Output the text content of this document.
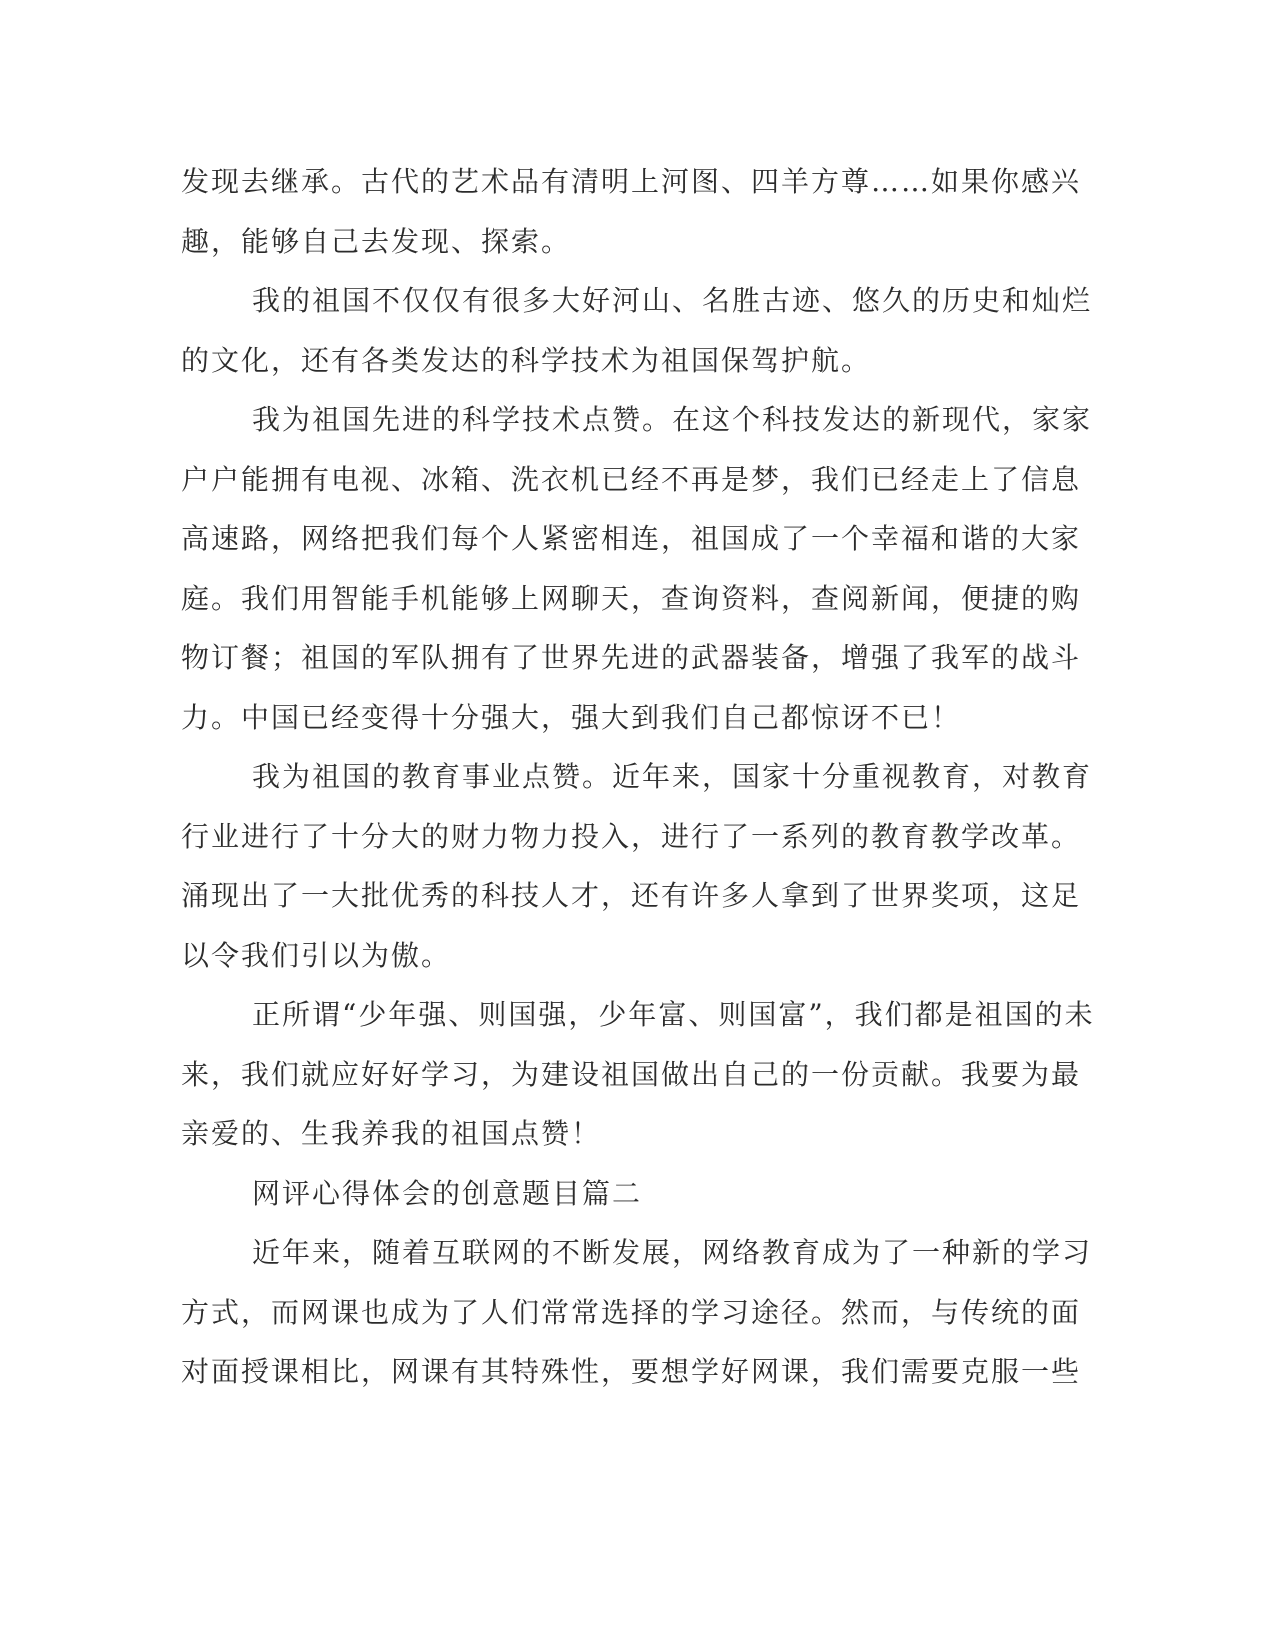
发现去继承。古代的艺术品有清明上河图、四羊方尊……如果你感兴
趣，能够自己去发现、探索。
我的祖国不仅仅有很多大好河山、名胜古迹、悠久的历史和灿烂
的文化，还有各类发达的科学技术为祖国保驾护航。
我为祖国先进的科学技术点赞。在这个科技发达的新现代，家家
户户能拥有电视、冰箱、洗衣机已经不再是梦，我们已经走上了信息
高速路，网络把我们每个人紧密相连，祖国成了一个幸福和谐的大家
庭。我们用智能手机能够上网聊天，查询资料，查阅新闻，便捷的购
物订餐；祖国的军队拥有了世界先进的武器装备，增强了我军的战斗
力。中国已经变得十分强大，强大到我们自己都惊讶不已！
我为祖国的教育事业点赞。近年来，国家十分重视教育，对教育
行业进行了十分大的财力物力投入，进行了一系列的教育教学改革。
涌现出了一大批优秀的科技人才，还有许多人拿到了世界奖项，这足
以令我们引以为傲。
正所谓“少年强、则国强，少年富、则国富”，我们都是祖国的未
来，我们就应好好学习，为建设祖国做出自己的一份贡献。我要为最
亲爱的、生我养我的祖国点赞！
网评心得体会的创意题目篇二
近年来，随着互联网的不断发展，网络教育成为了一种新的学习
方式，而网课也成为了人们常常选择的学习途径。然而，与传统的面
对面授课相比，网课有其特殊性，要想学好网课，我们需要克服一些
